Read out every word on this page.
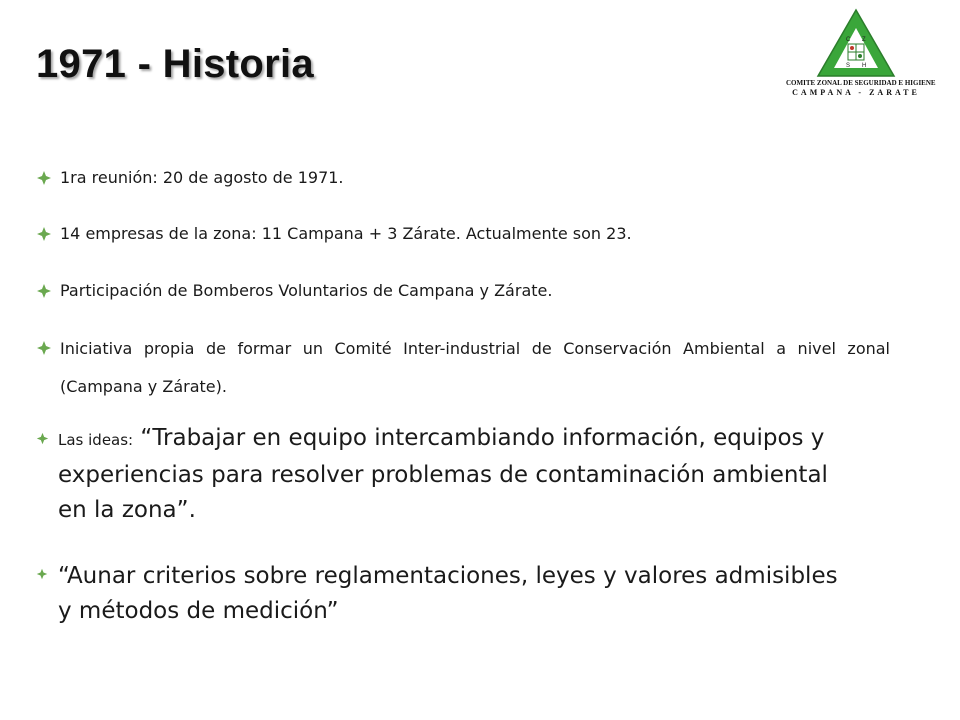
1971 - Historia
C Z
S H
COMITE ZONAL DE SEGURIDAD E HIGIENE
CAMPANA - ZARATE
1ra reunión: 20 de agosto de 1971.
14 empresas de la zona: 11 Campana + 3 Zárate. Actualmente son 23.
Participación de Bomberos Voluntarios de Campana y Zárate.
Iniciativa propia de formar un Comité Inter-industrial de Conservación Ambiental a nivel zonal (Campana y Zárate).
Las ideas: “Trabajar en equipo intercambiando información, equipos y experiencias para resolver problemas de contaminación ambiental en la zona”.
“Aunar criterios sobre reglamentaciones, leyes y valores admisibles y métodos de medición”
